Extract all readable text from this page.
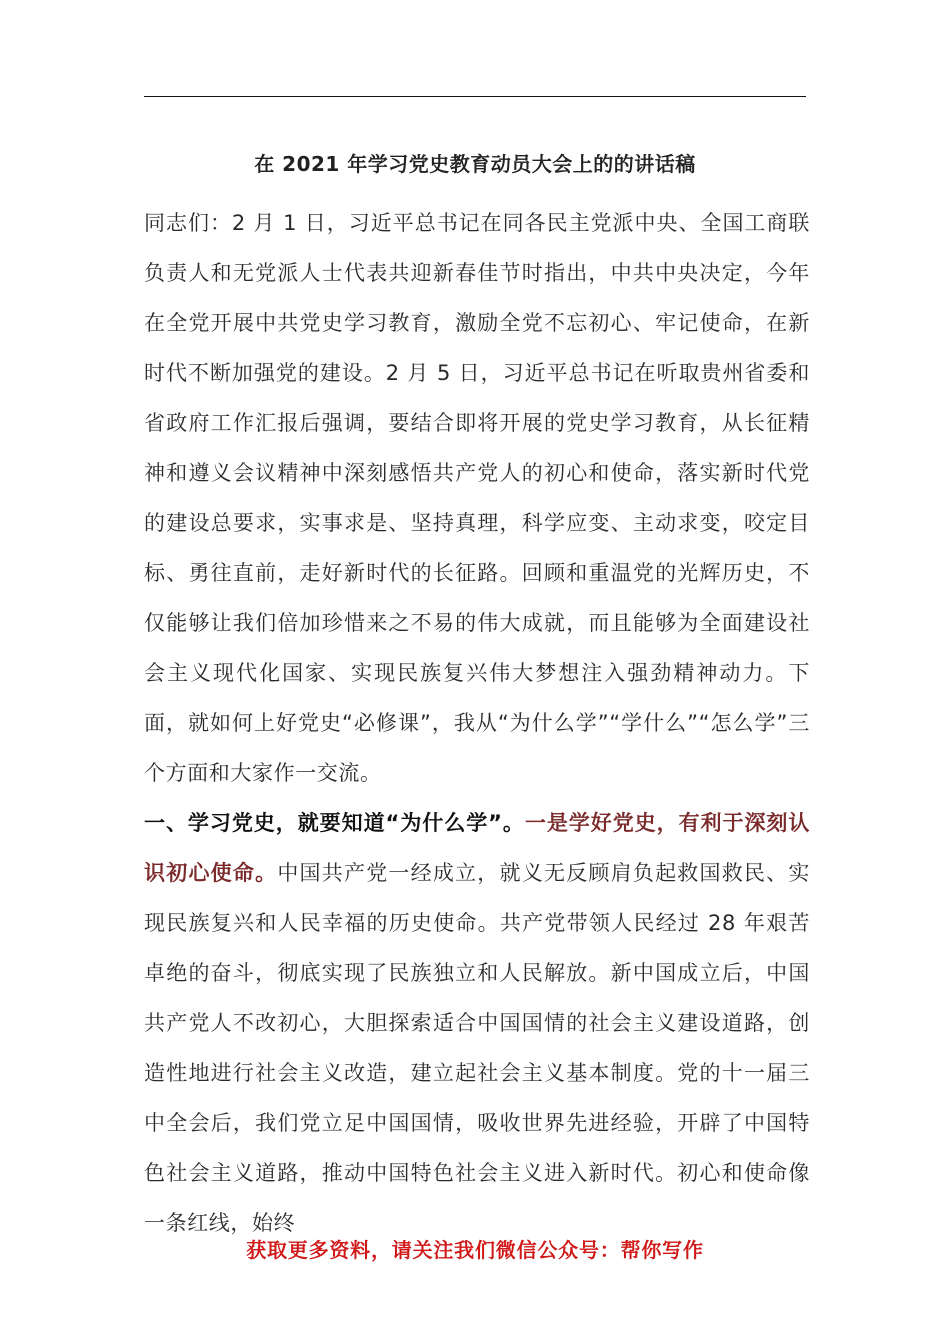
在 2021 年学习党史教育动员大会上的的讲话稿

同志们：2 月 1 日，习近平总书记在同各民主党派中央、全国工商联负责人和无党派人士代表共迎新春佳节时指出，中共中央决定，今年在全党开展中共党史学习教育，激励全党不忘初心、牢记使命，在新时代不断加强党的建设。2 月 5 日，习近平总书记在听取贵州省委和省政府工作汇报后强调，要结合即将开展的党史学习教育，从长征精神和遵义会议精神中深刻感悟共产党人的初心和使命，落实新时代党的建设总要求，实事求是、坚持真理，科学应变、主动求变，咬定目标、勇往直前，走好新时代的长征路。回顾和重温党的光辉历史，不仅能够让我们倍加珍惜来之不易的伟大成就，而且能够为全面建设社会主义现代化国家、实现民族复兴伟大梦想注入强劲精神动力。下面，就如何上好党史“必修课”，我从“为什么学”“学什么”“怎么学”三个方面和大家作一交流。

一、学习党史，就要知道“为什么学”。一是学好党史，有利于深刻认识初心使命。中国共产党一经成立，就义无反顾肩负起救国救民、实现民族复兴和人民幸福的历史使命。共产党带领人民经过 28 年艰苦卓绝的奋斗，彻底实现了民族独立和人民解放。新中国成立后，中国共产党人不改初心，大胆探索适合中国国情的社会主义建设道路，创造性地进行社会主义改造，建立起社会主义基本制度。党的十一届三中全会后，我们党立足中国国情，吸收世界先进经验，开辟了中国特色社会主义道路，推动中国特色社会主义进入新时代。初心和使命像一条红线，始终

获取更多资料，请关注我们微信公众号：帮你写作
